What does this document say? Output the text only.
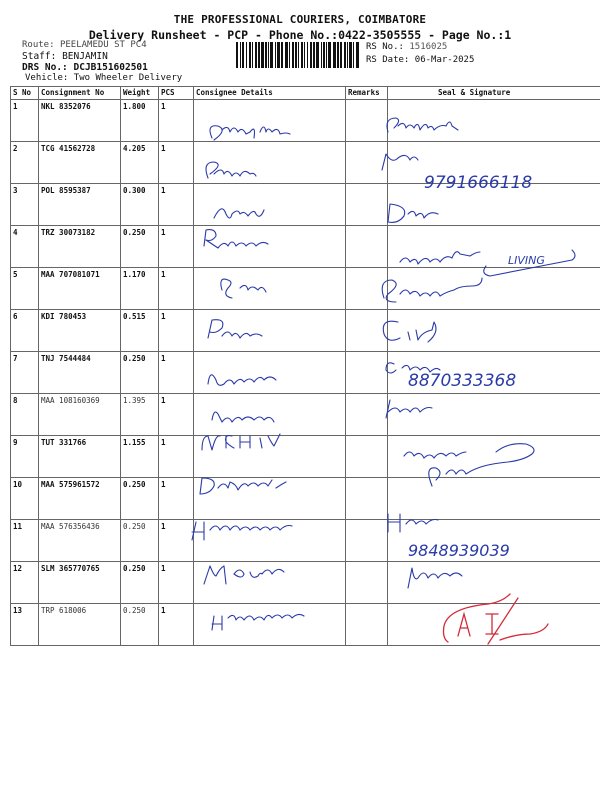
THE PROFESSIONAL COURIERS, COIMBATORE
Delivery Runsheet - PCP - Phone No.:0422-3505555 - Page No.:1
Route: PEELAMEDU ST PC4
Staff: BENJAMIN
DRS No.: DCJB151602501
Vehicle: Two Wheeler Delivery
RS No.: 1516025
RS Date: 06-Mar-2025
S No	Consignment No	Weight	PCS	Consignee Details	Remarks	Seal & Signature
1	NKL 8352076	1.800	1			
2	TCG 41562728	4.205	1			
3	POL 8595387	0.300	1			
4	TRZ 30073182	0.250	1			
5	MAA 707081071	1.170	1			
6	KDI 780453	0.515	1			
7	TNJ 7544484	0.250	1			
8	MAA 108160369	1.395	1			
9	TUT 331766	1.155	1			
10	MAA 575961572	0.250	1			
11	MAA 576356436	0.250	1			
12	SLM 365770765	0.250	1			
13	TRP 618006	0.250	1			
9791666118
LIVING
8870333368
9848939039
